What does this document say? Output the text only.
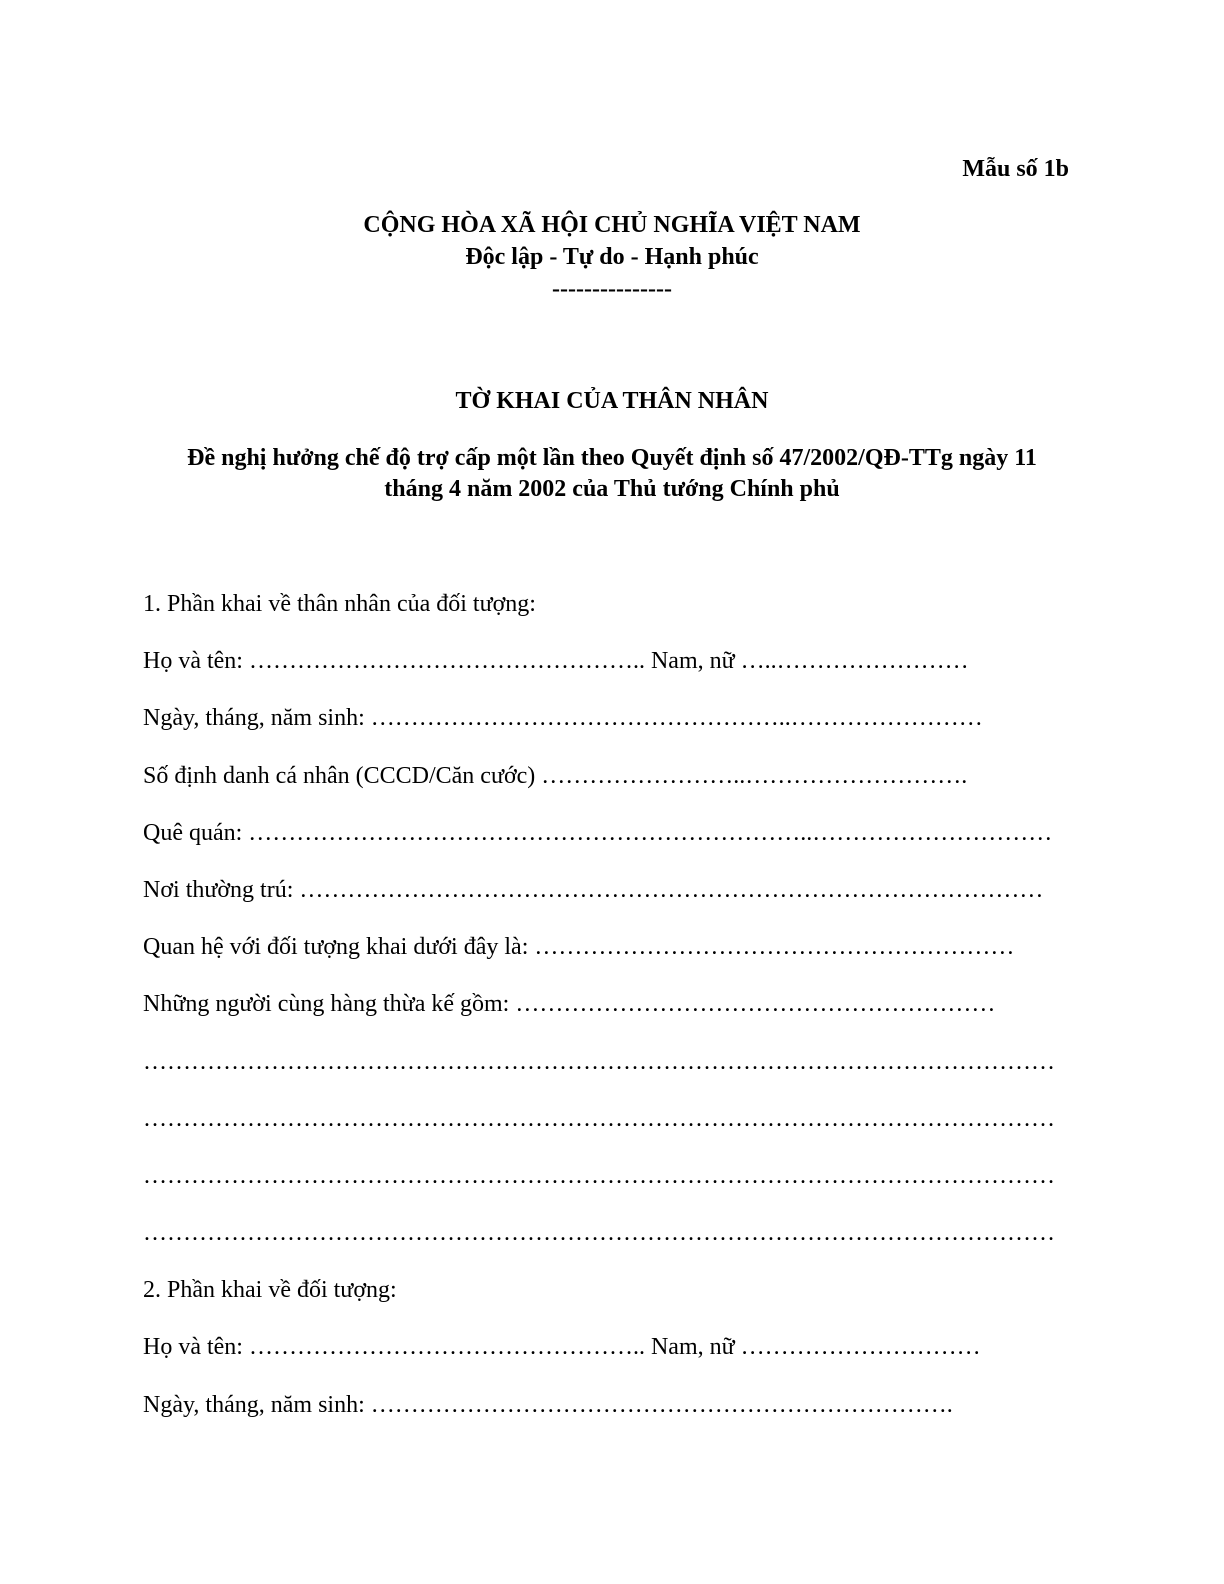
Mẫu số 1b
CỘNG HÒA XÃ HỘI CHỦ NGHĨA VIỆT NAM
Độc lập - Tự do - Hạnh phúc
---------------
TỜ KHAI CỦA THÂN NHÂN
Đề nghị hưởng chế độ trợ cấp một lần theo Quyết định số 47/2002/QĐ-TTg ngày 11
tháng 4 năm 2002 của Thủ tướng Chính phủ
1. Phần khai về thân nhân của đối tượng:
Họ và tên: ………………………………………….. Nam, nữ …..……………………
Ngày, tháng, năm sinh: ……………………………………………..……………………
Số định danh cá nhân (CCCD/Căn cước) ……………………..……………………….
Quê quán: ……………………………………………………………..…………………………
Nơi thường trú: …………………………………………………………………………………
Quan hệ với đối tượng khai dưới đây là: ……………………………………………………
Những người cùng hàng thừa kế gồm: ……………………………………………………
……………………………………………………………………………………………………
……………………………………………………………………………………………………
……………………………………………………………………………………………………
……………………………………………………………………………………………………
2. Phần khai về đối tượng:
Họ và tên: ………………………………………….. Nam, nữ …………………………
Ngày, tháng, năm sinh: ……………………………………………………………….
